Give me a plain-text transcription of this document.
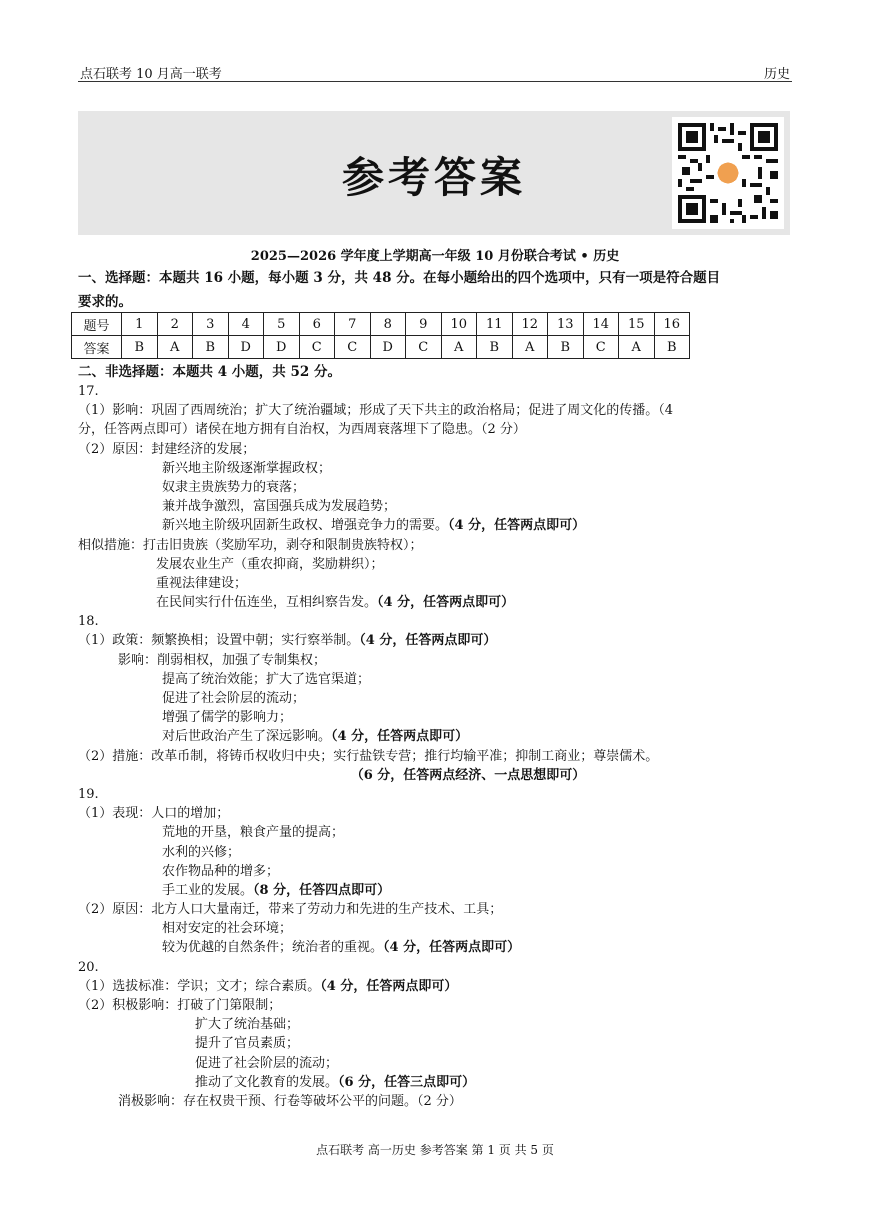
点石联考 10 月高一联考	历史
参考答案
2025—2026 学年度上学期高一年级 10 月份联合考试 • 历史
一、选择题：本题共 16 小题，每小题 3 分，共 48 分。在每小题给出的四个选项中，只有一项是符合题目
要求的。
题号	1	2	3	4	5	6	7	8	9	10	11	12	13	14	15	16
答案	B	A	B	D	D	C	C	D	C	A	B	A	B	C	A	B
二、非选择题：本题共 4 小题，共 52 分。
17.
（1）影响：巩固了西周统治；扩大了统治疆域；形成了天下共主的政治格局；促进了周文化的传播。（4
分，任答两点即可）诸侯在地方拥有自治权，为西周衰落埋下了隐患。（2 分）
（2）原因：封建经济的发展；
新兴地主阶级逐渐掌握政权；
奴隶主贵族势力的衰落；
兼并战争激烈，富国强兵成为发展趋势；
新兴地主阶级巩固新生政权、增强竞争力的需要。（4 分，任答两点即可）
相似措施：打击旧贵族（奖励军功，剥夺和限制贵族特权）；
发展农业生产（重农抑商，奖励耕织）；
重视法律建设；
在民间实行什伍连坐，互相纠察告发。（4 分，任答两点即可）
18.
（1）政策：频繁换相；设置中朝；实行察举制。（4 分，任答两点即可）
影响：削弱相权，加强了专制集权；
提高了统治效能；扩大了选官渠道；
促进了社会阶层的流动；
增强了儒学的影响力；
对后世政治产生了深远影响。（4 分，任答两点即可）
（2）措施：改革币制，将铸币权收归中央；实行盐铁专营；推行均输平准；抑制工商业；尊崇儒术。
（6 分，任答两点经济、一点思想即可）
19.
（1）表现：人口的增加；
荒地的开垦，粮食产量的提高；
水利的兴修；
农作物品种的增多；
手工业的发展。（8 分，任答四点即可）
（2）原因：北方人口大量南迁，带来了劳动力和先进的生产技术、工具；
相对安定的社会环境；
较为优越的自然条件；统治者的重视。（4 分，任答两点即可）
20.
（1）选拔标准：学识；文才；综合素质。（4 分，任答两点即可）
（2）积极影响：打破了门第限制；
扩大了统治基础；
提升了官员素质；
促进了社会阶层的流动；
推动了文化教育的发展。（6 分，任答三点即可）
消极影响：存在权贵干预、行卷等破坏公平的问题。（2 分）
点石联考 高一历史 参考答案 第 1 页 共 5 页
